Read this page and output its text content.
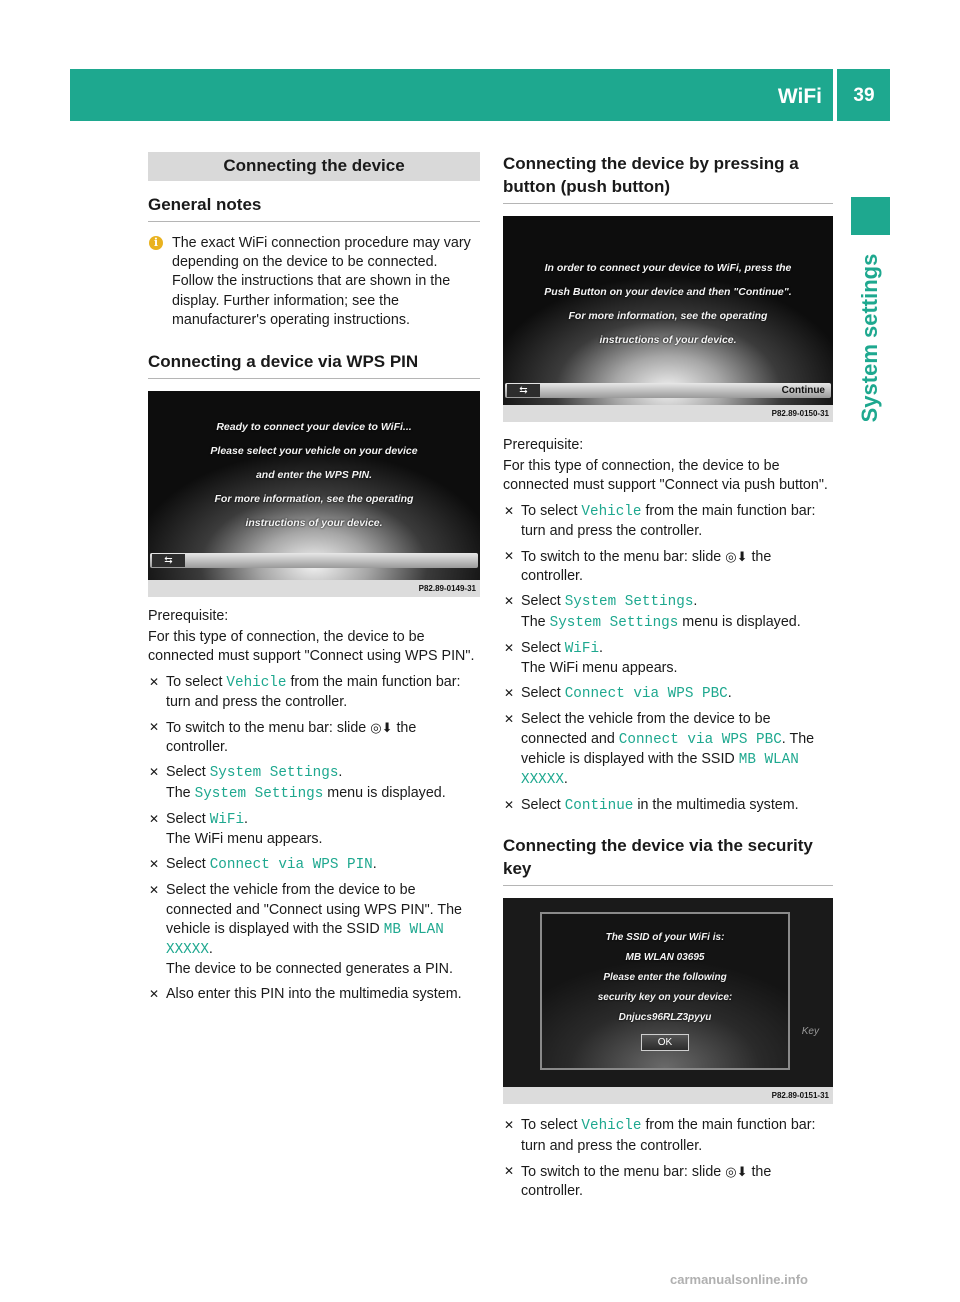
WiFi	39
System settings
Connecting the device
General notes

i The exact WiFi connection procedure may vary depending on the device to be connected. Follow the instructions that are shown in the display. Further information; see the manufacturer's operating instructions.

Connecting a device via WPS PIN
Ready to connect your device to WiFi...
Please select your vehicle on your device
and enter the WPS PIN.
For more information, see the operating
instructions of your device.
⇆
P82.89-0149-31

Prerequisite:

For this type of connection, the device to be connected must support "Connect using WPS PIN".

✕ To select Vehicle from the main function bar: turn and press the controller.
✕ To switch to the menu bar: slide ◎⬇ the controller.
✕ Select System Settings.
The System Settings menu is displayed.
✕ Select WiFi.
The WiFi menu appears.
✕ Select Connect via WPS PIN.
✕ Select the vehicle from the device to be connected and "Connect using WPS PIN". The vehicle is displayed with the SSID MB WLAN XXXXX.
The device to be connected generates a PIN.
✕ Also enter this PIN into the multimedia system.
Connecting the device by pressing a button (push button)
In order to connect your device to WiFi, press the
Push Button on your device and then "Continue".
For more information, see the operating
instructions of your device.
⇆	Continue
P82.89-0150-31

Prerequisite:

For this type of connection, the device to be connected must support "Connect via push button".

✕ To select Vehicle from the main function bar: turn and press the controller.
✕ To switch to the menu bar: slide ◎⬇ the controller.
✕ Select System Settings.
The System Settings menu is displayed.
✕ Select WiFi.
The WiFi menu appears.
✕ Select Connect via WPS PBC.
✕ Select the vehicle from the device to be connected and Connect via WPS PBC. The vehicle is displayed with the SSID MB WLAN XXXXX.
✕ Select Continue in the multimedia system.
Connecting the device via the security key
Key
The SSID of your WiFi is:
MB WLAN 03695
Please enter the following
security key on your device:
Dnjucs96RLZ3pyyu
OK
P82.89-0151-31
✕ To select Vehicle from the main function bar: turn and press the controller.
✕ To switch to the menu bar: slide ◎⬇ the controller.
carmanualsonline.info
